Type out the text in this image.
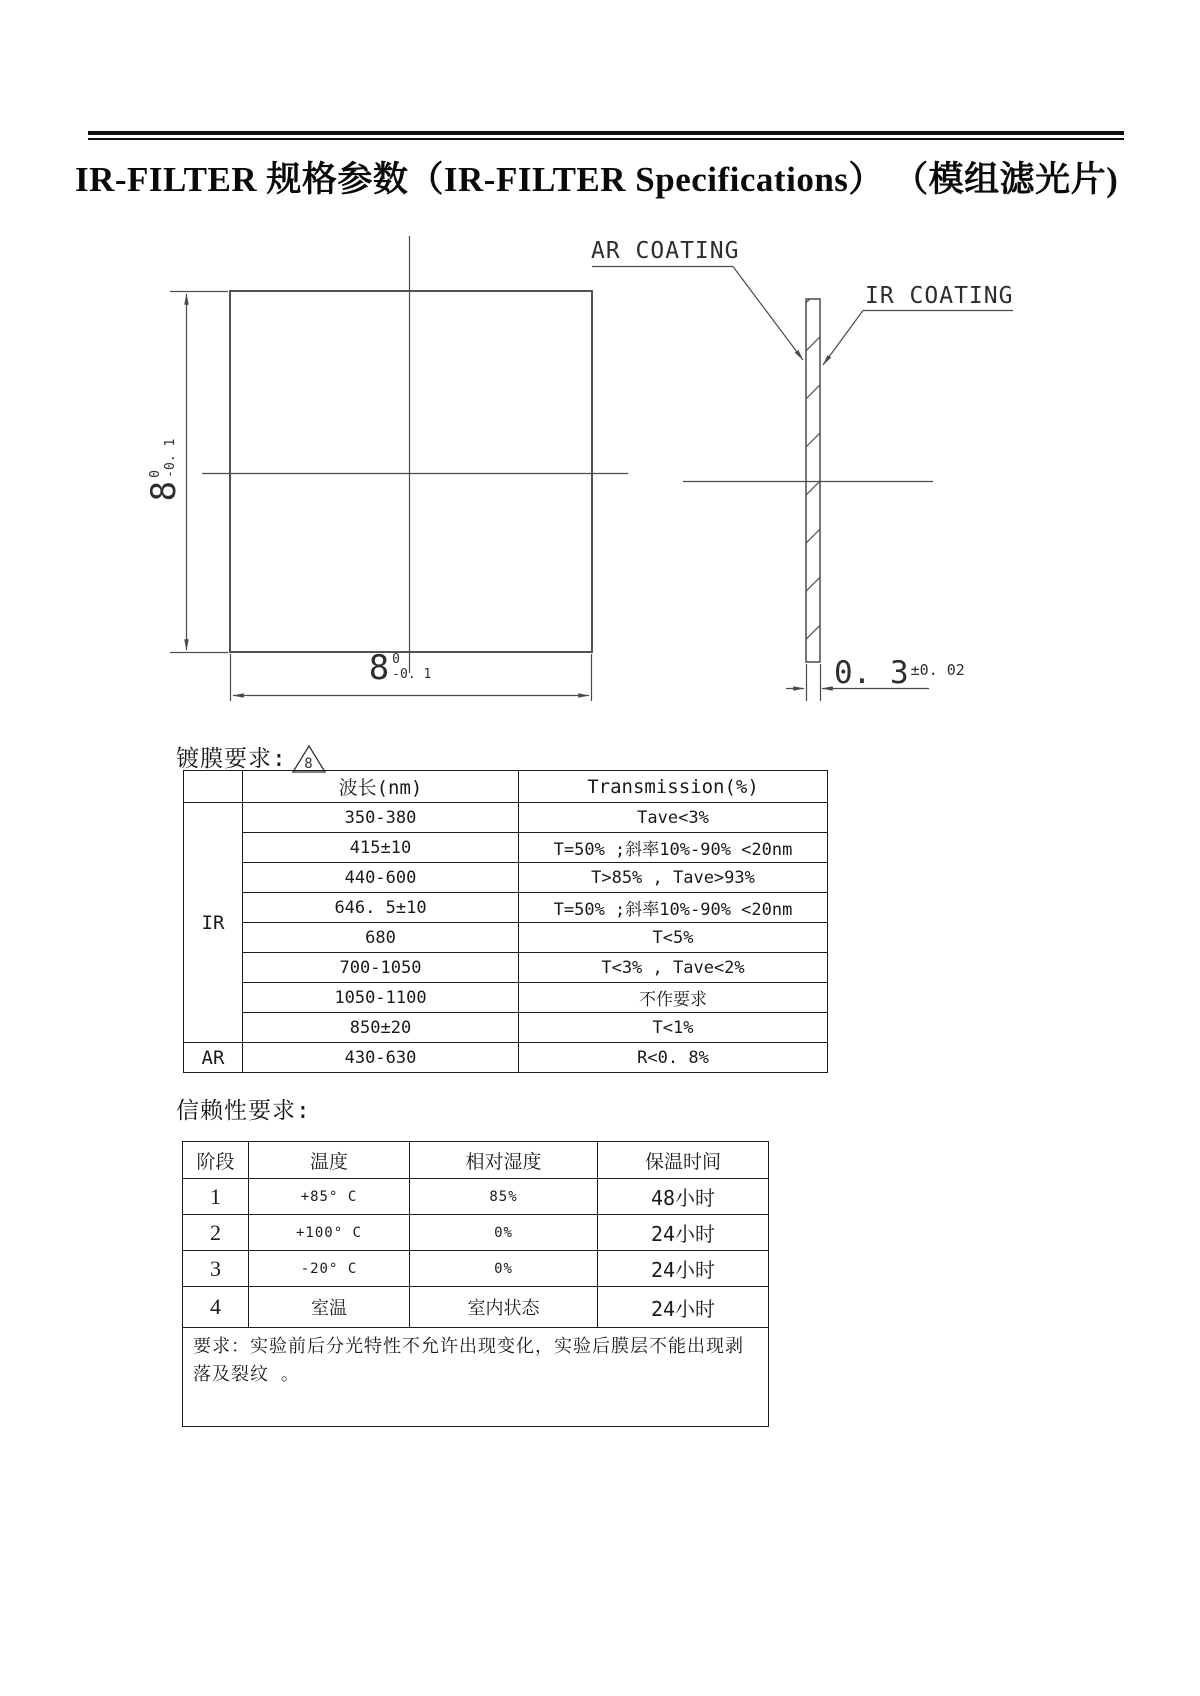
IR-FILTER 规格参数（IR-FILTER Specifications） （模组滤光片)
AR COATING
IR COATING
8
0 -0. 1
8 0
-0. 1	0. 3 ±0. 02
镀膜要求: 8
	波长(nm)	Transmission(%)
IR	350-380	Tave<3%
	415±10	T=50% ;斜率10%-90% <20nm
	440-600	T>85% , Tave>93%
	646. 5±10	T=50% ;斜率10%-90% <20nm
	680	T<5%
	700-1050	T<3% , Tave<2%
	1050-1100	不作要求
	850±20	T<1%
AR	430-630	R<0. 8%
信赖性要求:
阶段	温度	相对湿度	保温时间
1	+85° C	85%	48小时
2	+100° C	0%	24小时
3	-20° C	0%	24小时
4	室温	室内状态	24小时
要求：实验前后分光特性不允许出现变化，实验后膜层不能出现剥落及裂纹 。			
